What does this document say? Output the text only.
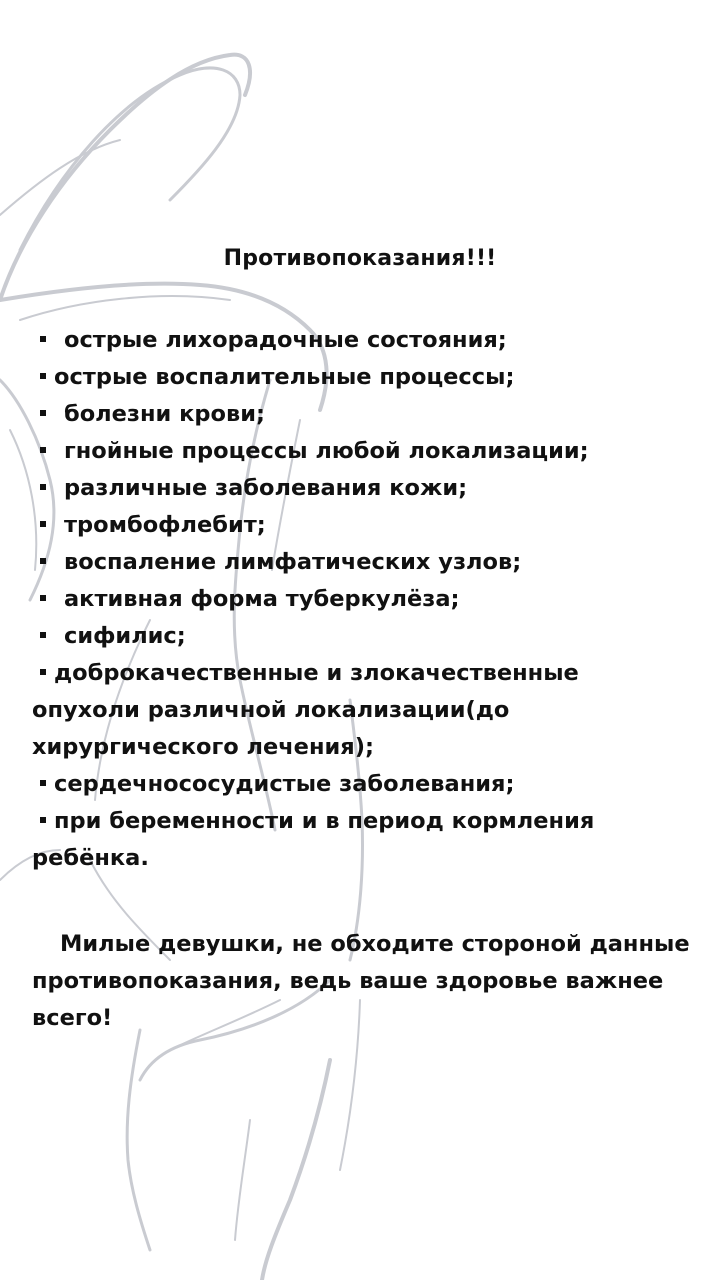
Противопоказания!!!
острые лихорадочные состояния;
острые воспалительные процессы;
болезни крови;
гнойные процессы любой локализации;
различные заболевания кожи;
тромбофлебит;
воспаление лимфатических узлов;
активная форма туберкулёза;
сифилис;
доброкачественные и злокачественные опухоли различной локализации(до хирургического лечения);
сердечнососудистые заболевания;
при беременности и в период кормления ребёнка.
Милые девушки, не обходите стороной данные противопоказания, ведь ваше здоровье важнее всего!
